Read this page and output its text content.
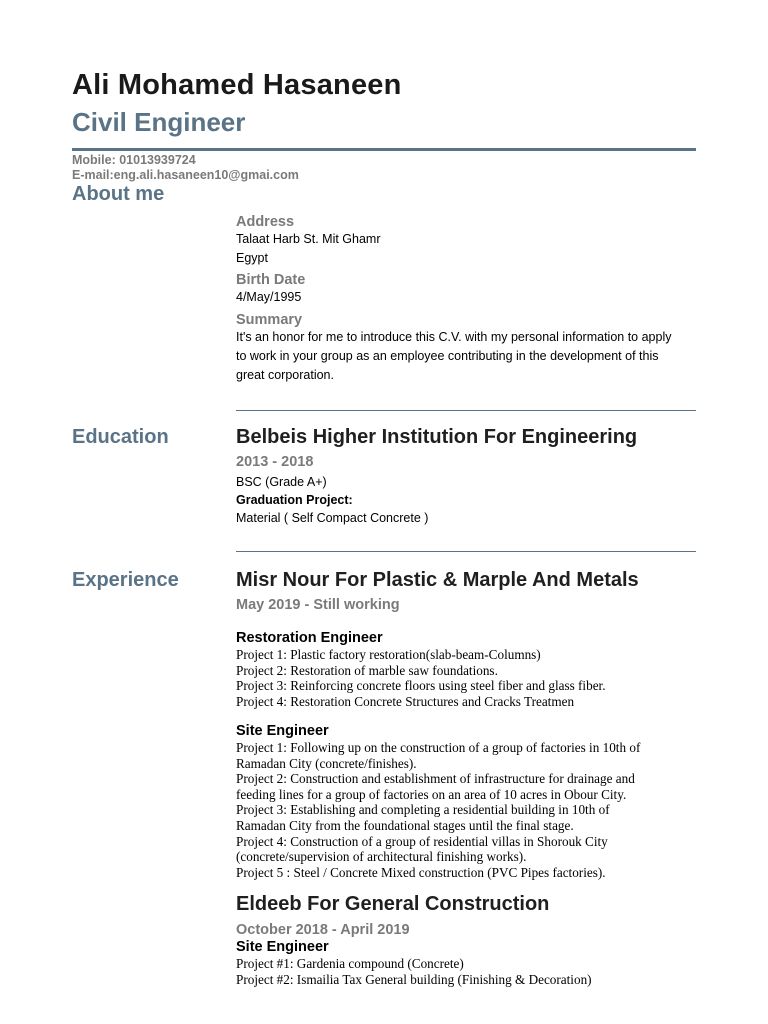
Ali Mohamed Hasaneen
Civil Engineer
Mobile: 01013939724
E-mail:eng.ali.hasaneen10@gmai.com
About me
Address
Talaat Harb St. Mit Ghamr
Egypt
Birth Date
4/May/1995
Summary
It's an honor for me to introduce this C.V. with my personal information to apply
to work in your group as an employee contributing in the development of this
great corporation.
Education	Belbeis Higher Institution For Engineering
2013 - 2018
BSC (Grade A+)
Graduation Project:
Material ( Self Compact Concrete )
Experience	Misr Nour For Plastic & Marple And Metals
May 2019 - Still working
Restoration Engineer
Project 1: Plastic factory restoration(slab-beam-Columns)
Project 2: Restoration of marble saw foundations.
Project 3: Reinforcing concrete floors using steel fiber and glass fiber.
Project 4: Restoration Concrete Structures and Cracks Treatmen
Site Engineer
Project 1: Following up on the construction of a group of factories in 10th of
Ramadan City (concrete/finishes).
Project 2: Construction and establishment of infrastructure for drainage and
feeding lines for a group of factories on an area of 10 acres in Obour City.
Project 3: Establishing and completing a residential building in 10th of
Ramadan City from the foundational stages until the final stage.
Project 4: Construction of a group of residential villas in Shorouk City
(concrete/supervision of architectural finishing works).
Project 5 : Steel / Concrete Mixed construction (PVC Pipes factories).
Eldeeb For General Construction
October 2018 - April 2019
Site Engineer
Project #1: Gardenia compound (Concrete)
Project #2: Ismailia Tax General building (Finishing & Decoration)
